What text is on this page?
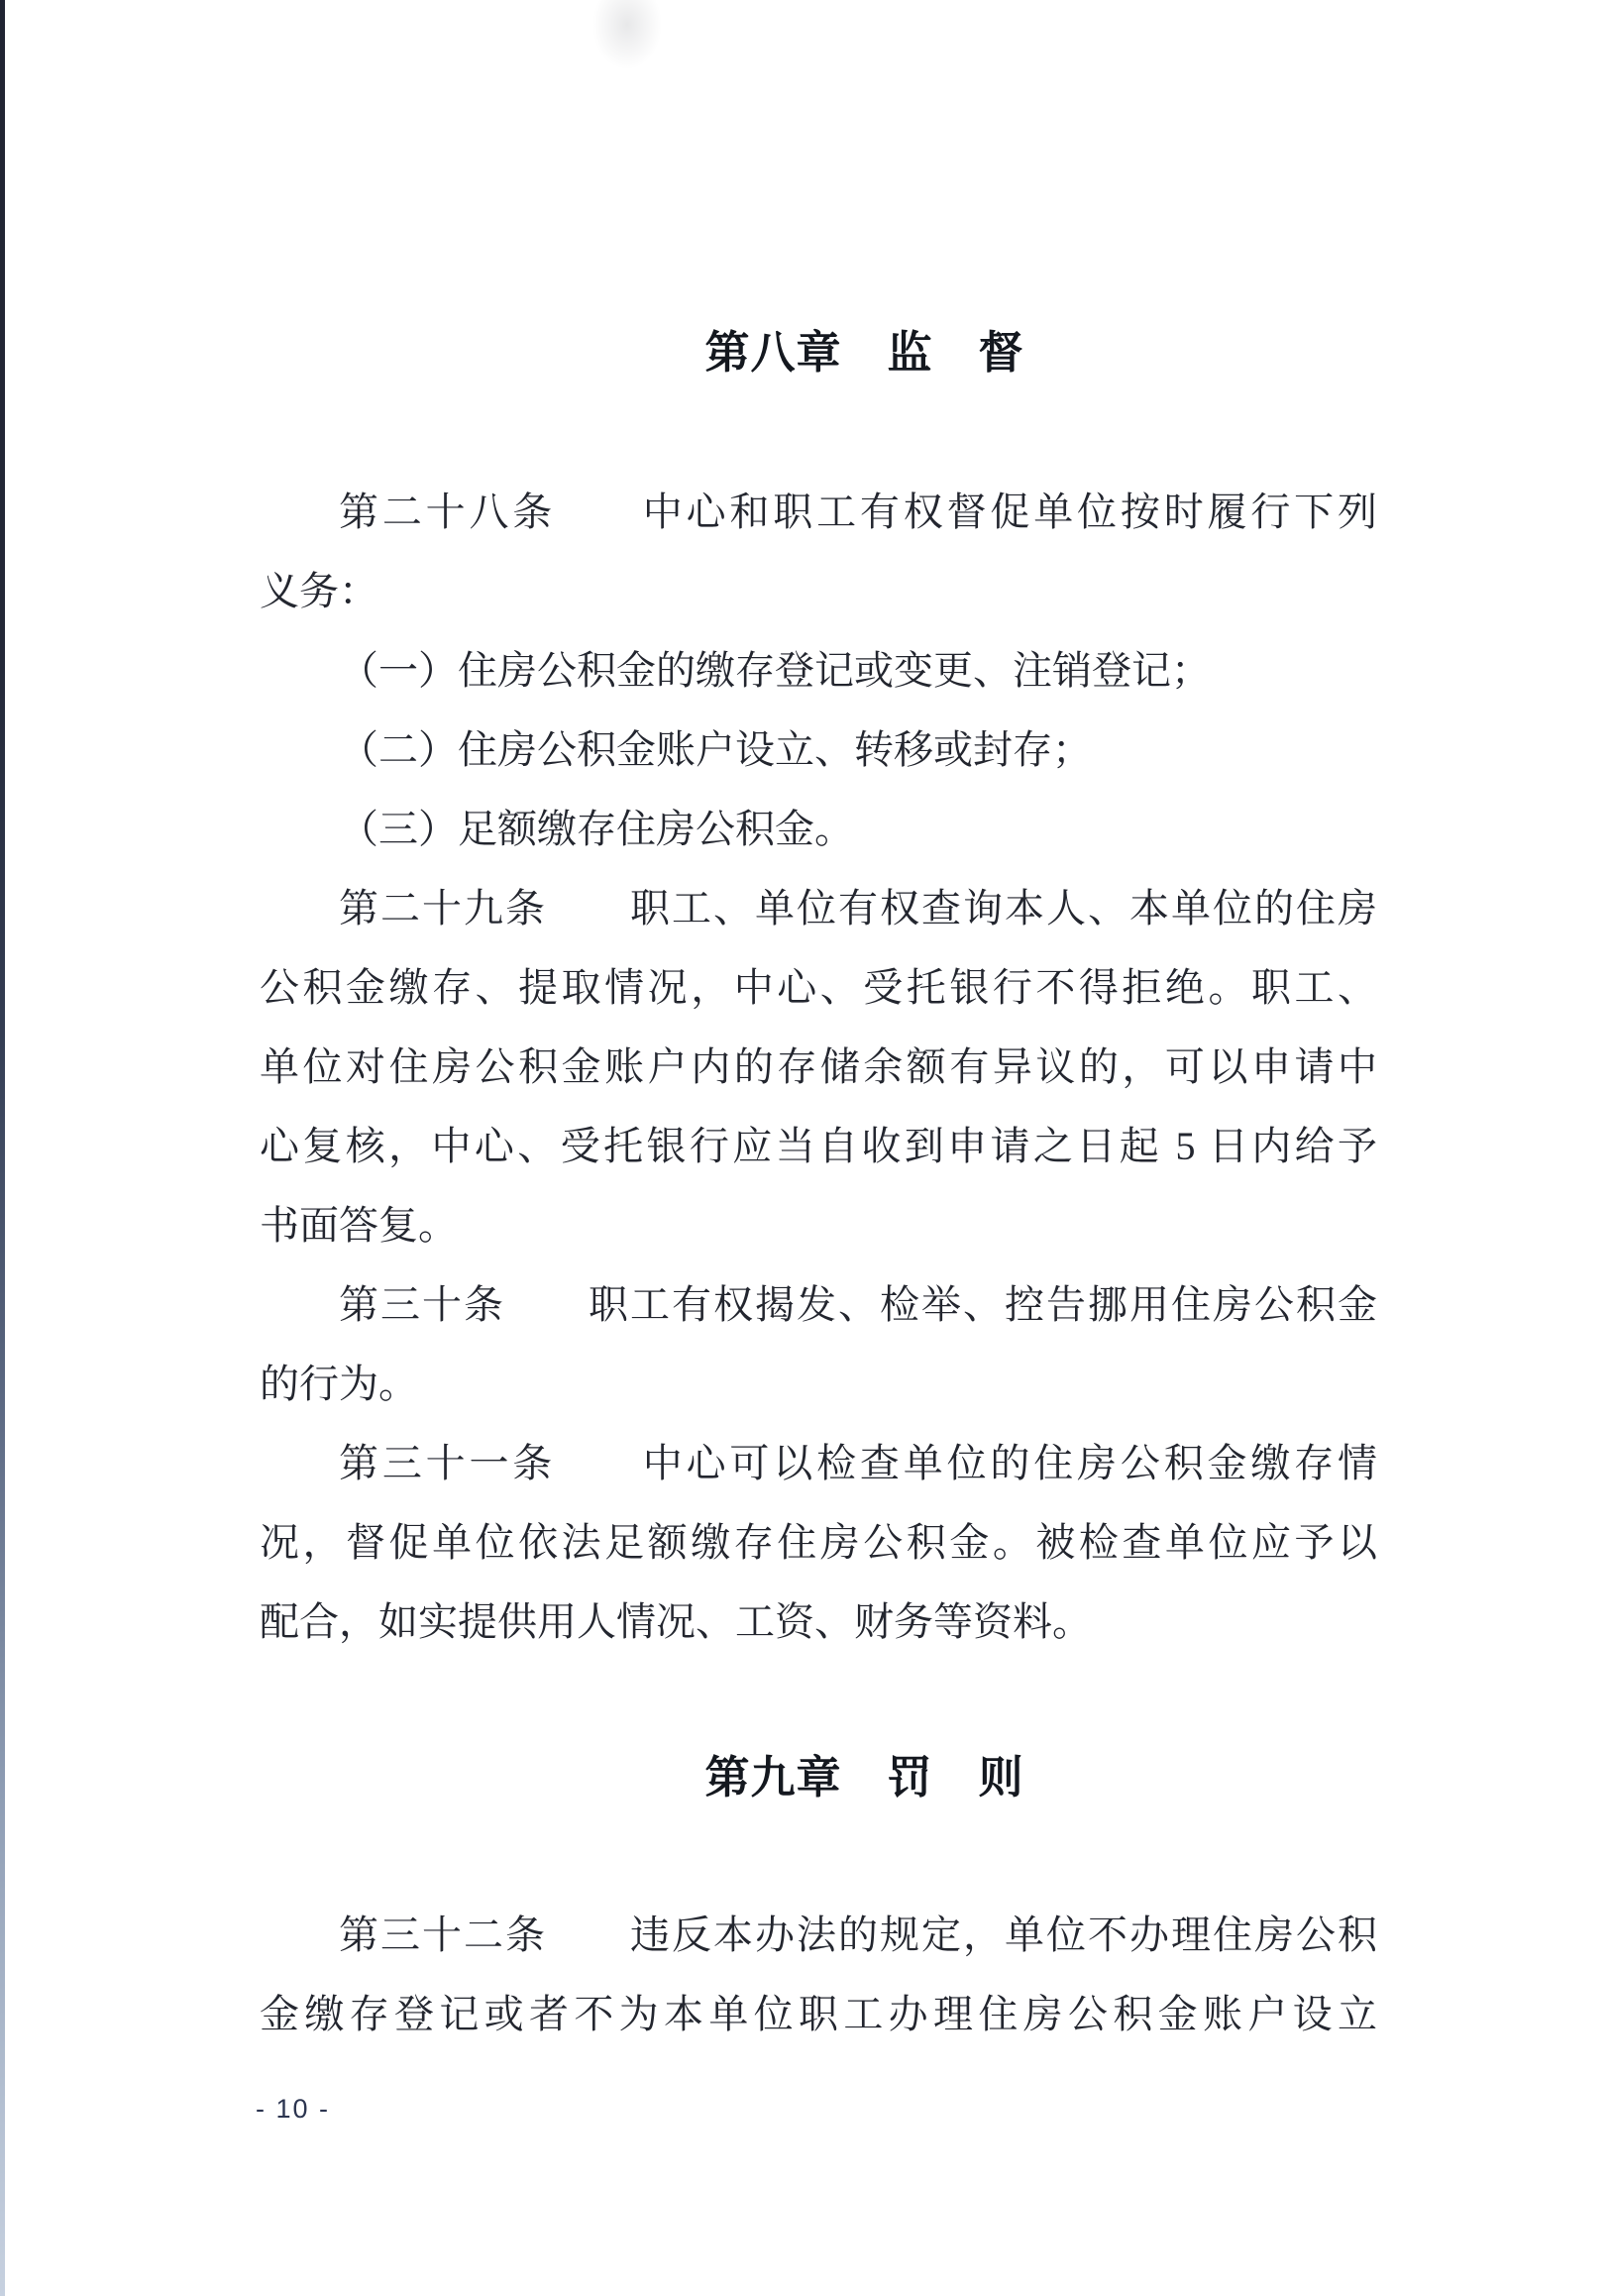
第八章　监　督
第二十八条　　中心和职工有权督促单位按时履行下列
义务：
（一）住房公积金的缴存登记或变更、注销登记；
（二）住房公积金账户设立、转移或封存；
（三）足额缴存住房公积金。
第二十九条　　职工、单位有权查询本人、本单位的住房
公积金缴存、提取情况，中心、受托银行不得拒绝。职工、
单位对住房公积金账户内的存储余额有异议的，可以申请中
心复核，中心、受托银行应当自收到申请之日起 5 日内给予
书面答复。
第三十条　　职工有权揭发、检举、控告挪用住房公积金
的行为。
第三十一条　　中心可以检查单位的住房公积金缴存情
况，督促单位依法足额缴存住房公积金。被检查单位应予以
配合，如实提供用人情况、工资、财务等资料。
第九章　罚　则
第三十二条　　违反本办法的规定，单位不办理住房公积
金缴存登记或者不为本单位职工办理住房公积金账户设立
- 10 -
